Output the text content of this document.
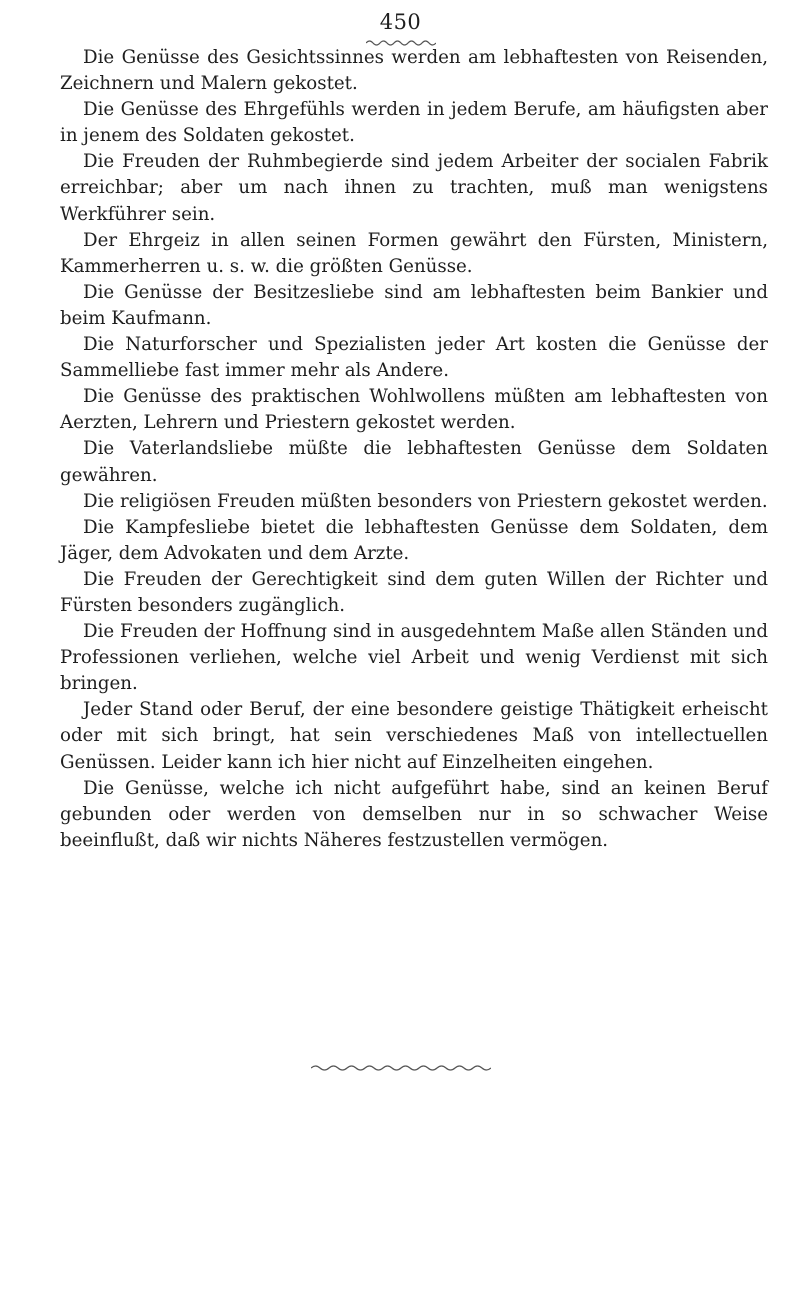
450

Die Genüsse des Gesichtssinnes werden am lebhaftesten von Reisenden, Zeichnern und Malern gekostet.

Die Genüsse des Ehrgefühls werden in jedem Berufe, am häufigsten aber in jenem des Soldaten gekostet.

Die Freuden der Ruhmbegierde sind jedem Arbeiter der socialen Fabrik erreichbar; aber um nach ihnen zu trachten, muß man wenigstens Werkführer sein.

Der Ehrgeiz in allen seinen Formen gewährt den Fürsten, Ministern, Kammerherren u. s. w. die größten Genüsse.

Die Genüsse der Besitzesliebe sind am lebhaftesten beim Bankier und beim Kaufmann.

Die Naturforscher und Spezialisten jeder Art kosten die Genüsse der Sammelliebe fast immer mehr als Andere.

Die Genüsse des praktischen Wohlwollens müßten am lebhaftesten von Aerzten, Lehrern und Priestern gekostet werden.

Die Vaterlandsliebe müßte die lebhaftesten Genüsse dem Soldaten gewähren.

Die religiösen Freuden müßten besonders von Priestern gekostet werden.

Die Kampfesliebe bietet die lebhaftesten Genüsse dem Soldaten, dem Jäger, dem Advokaten und dem Arzte.

Die Freuden der Gerechtigkeit sind dem guten Willen der Richter und Fürsten besonders zugänglich.

Die Freuden der Hoffnung sind in ausgedehntem Maße allen Ständen und Professionen verliehen, welche viel Arbeit und wenig Verdienst mit sich bringen.

Jeder Stand oder Beruf, der eine besondere geistige Thätigkeit erheischt oder mit sich bringt, hat sein verschiedenes Maß von intellectuellen Genüssen. Leider kann ich hier nicht auf Einzelheiten eingehen.

Die Genüsse, welche ich nicht aufgeführt habe, sind an keinen Beruf gebunden oder werden von demselben nur in so schwacher Weise beeinflußt, daß wir nichts Näheres festzustellen vermögen.
